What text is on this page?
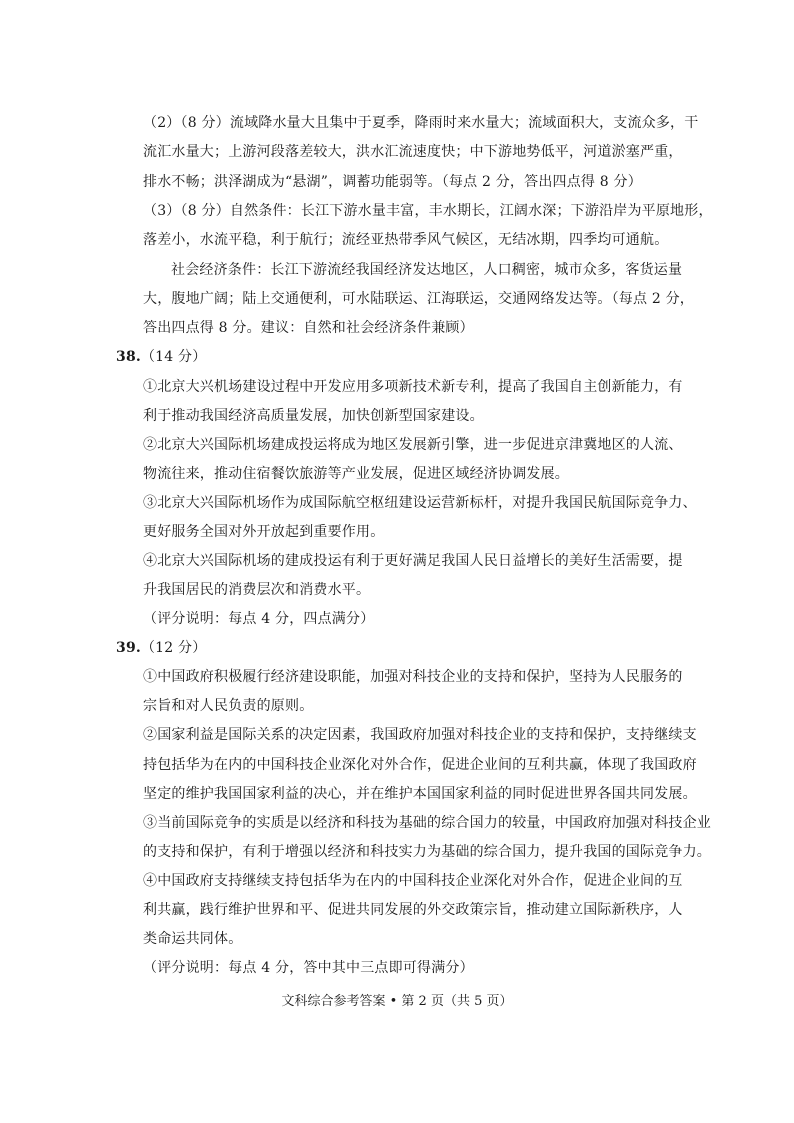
（2）（8 分）流域降水量大且集中于夏季，降雨时来水量大；流域面积大，支流众多，干
流汇水量大；上游河段落差较大，洪水汇流速度快；中下游地势低平，河道淤塞严重，
排水不畅；洪泽湖成为“悬湖”，调蓄功能弱等。（每点 2 分，答出四点得 8 分）
（3）（8 分）自然条件：长江下游水量丰富，丰水期长，江阔水深；下游沿岸为平原地形，
落差小，水流平稳，利于航行；流经亚热带季风气候区，无结冰期，四季均可通航。
社会经济条件：长江下游流经我国经济发达地区，人口稠密，城市众多，客货运量
大，腹地广阔；陆上交通便利，可水陆联运、江海联运，交通网络发达等。（每点 2 分，
答出四点得 8 分。建议：自然和社会经济条件兼顾）
38.（14 分）
①北京大兴机场建设过程中开发应用多项新技术新专利，提高了我国自主创新能力，有
利于推动我国经济高质量发展，加快创新型国家建设。
②北京大兴国际机场建成投运将成为地区发展新引擎，进一步促进京津冀地区的人流、
物流往来，推动住宿餐饮旅游等产业发展，促进区域经济协调发展。
③北京大兴国际机场作为成国际航空枢纽建设运营新标杆，对提升我国民航国际竞争力、
更好服务全国对外开放起到重要作用。
④北京大兴国际机场的建成投运有利于更好满足我国人民日益增长的美好生活需要，提
升我国居民的消费层次和消费水平。
（评分说明：每点 4 分，四点满分）
39.（12 分）
①中国政府积极履行经济建设职能，加强对科技企业的支持和保护，坚持为人民服务的
宗旨和对人民负责的原则。
②国家利益是国际关系的决定因素，我国政府加强对科技企业的支持和保护，支持继续支
持包括华为在内的中国科技企业深化对外合作，促进企业间的互利共赢，体现了我国政府
坚定的维护我国国家利益的决心，并在维护本国国家利益的同时促进世界各国共同发展。
③当前国际竞争的实质是以经济和科技为基础的综合国力的较量，中国政府加强对科技企业
的支持和保护，有利于增强以经济和科技实力为基础的综合国力，提升我国的国际竞争力。
④中国政府支持继续支持包括华为在内的中国科技企业深化对外合作，促进企业间的互
利共赢，践行维护世界和平、促进共同发展的外交政策宗旨，推动建立国际新秩序，人
类命运共同体。
（评分说明：每点 4 分，答中其中三点即可得满分）
文科综合参考答案 • 第 2 页（共 5 页）
